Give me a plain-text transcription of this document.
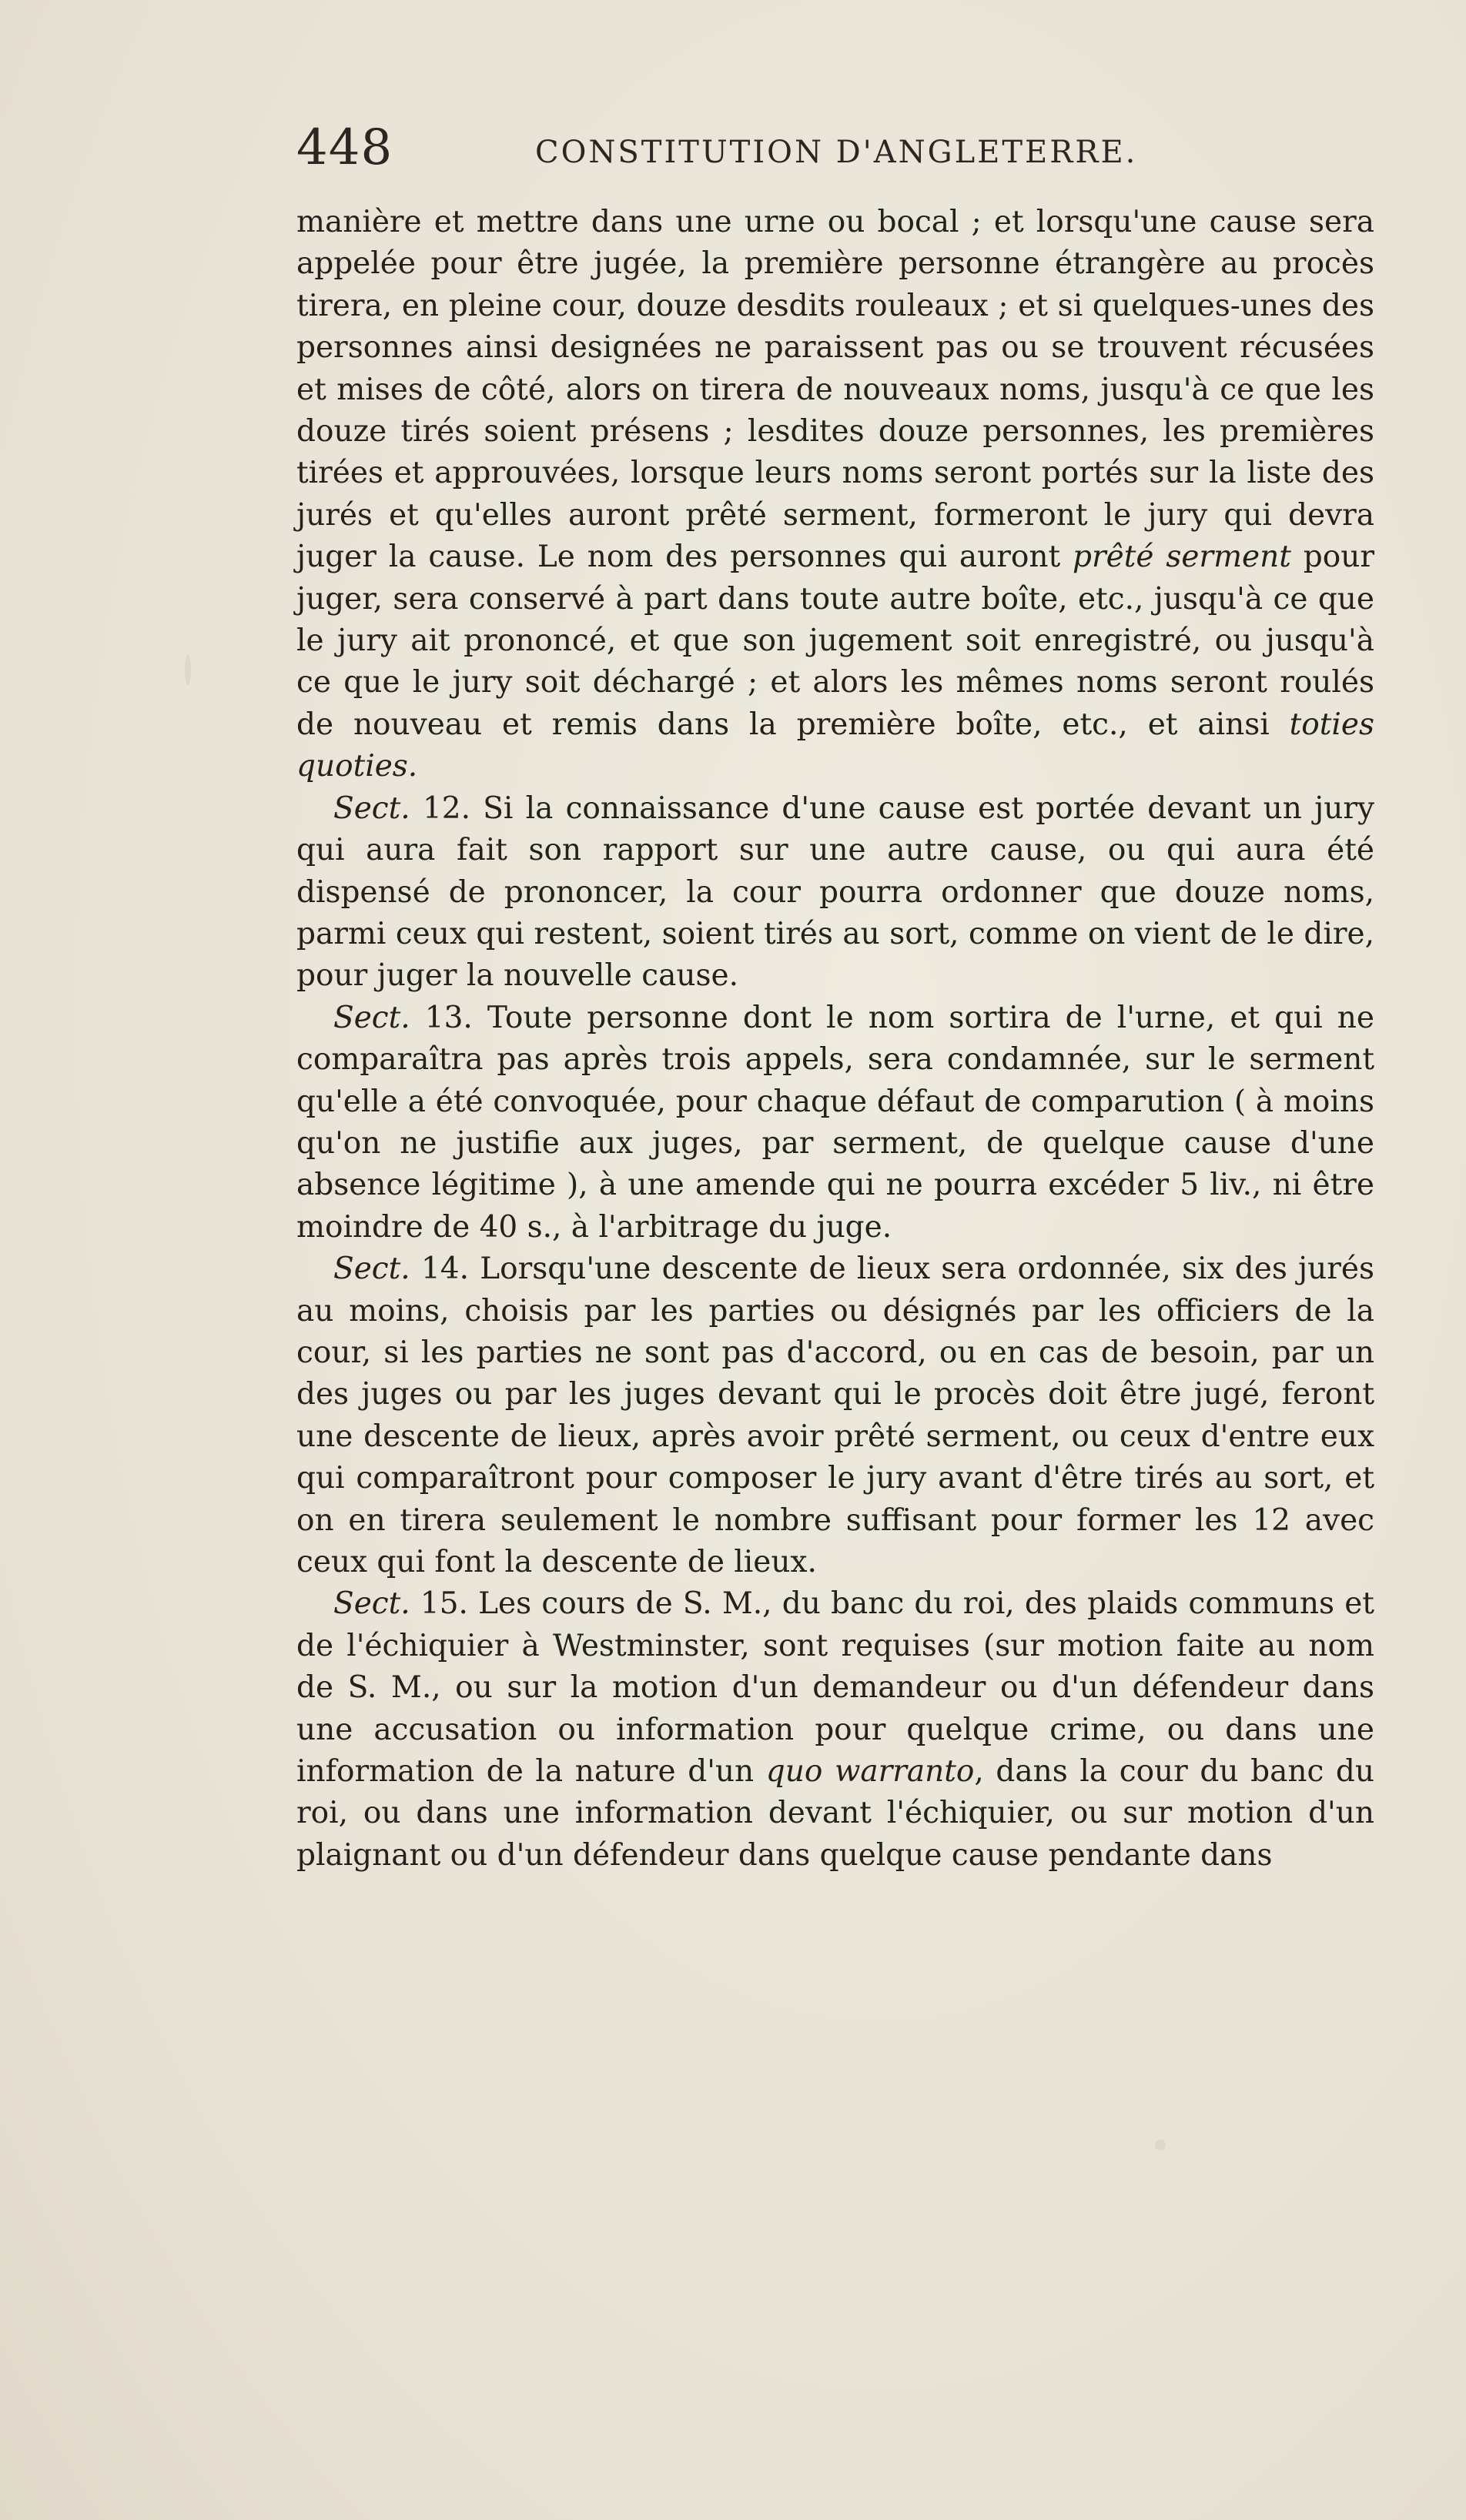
448	CONSTITUTION D'ANGLETERRE.

manière et mettre dans une urne ou bocal ; et lorsqu'une cause sera appelée pour être jugée, la première personne étrangère au procès tirera, en pleine cour, douze desdits rouleaux ; et si quelques-unes des personnes ainsi designées ne paraissent pas ou se trouvent récusées et mises de côté, alors on tirera de nouveaux noms, jusqu'à ce que les douze tirés soient présens ; lesdites douze personnes, les premières tirées et approuvées, lorsque leurs noms seront portés sur la liste des jurés et qu'elles auront prêté serment, formeront le jury qui devra juger la cause. Le nom des personnes qui auront prêté serment pour juger, sera conservé à part dans toute autre boîte, etc., jusqu'à ce que le jury ait prononcé, et que son jugement soit enregistré, ou jusqu'à ce que le jury soit déchargé ; et alors les mêmes noms seront roulés de nouveau et remis dans la première boîte, etc., et ainsi toties quoties.

Sect. 12. Si la connaissance d'une cause est portée devant un jury qui aura fait son rapport sur une autre cause, ou qui aura été dispensé de prononcer, la cour pourra ordonner que douze noms, parmi ceux qui restent, soient tirés au sort, comme on vient de le dire, pour juger la nouvelle cause.

Sect. 13. Toute personne dont le nom sortira de l'urne, et qui ne comparaîtra pas après trois appels, sera condamnée, sur le serment qu'elle a été convoquée, pour chaque défaut de comparution ( à moins qu'on ne justifie aux juges, par serment, de quelque cause d'une absence légitime ), à une amende qui ne pourra excéder 5 liv., ni être moindre de 40 s., à l'arbitrage du juge.

Sect. 14. Lorsqu'une descente de lieux sera ordonnée, six des jurés au moins, choisis par les parties ou désignés par les officiers de la cour, si les parties ne sont pas d'accord, ou en cas de besoin, par un des juges ou par les juges devant qui le procès doit être jugé, feront une descente de lieux, après avoir prêté serment, ou ceux d'entre eux qui comparaîtront pour composer le jury avant d'être tirés au sort, et on en tirera seulement le nombre suffisant pour former les 12 avec ceux qui font la descente de lieux.

Sect. 15. Les cours de S. M., du banc du roi, des plaids communs et de l'échiquier à Westminster, sont requises (sur motion faite au nom de S. M., ou sur la motion d'un demandeur ou d'un défendeur dans une accusation ou information pour quelque crime, ou dans une information de la nature d'un quo warranto, dans la cour du banc du roi, ou dans une information devant l'échiquier, ou sur motion d'un plaignant ou d'un défendeur dans quelque cause pendante dans
